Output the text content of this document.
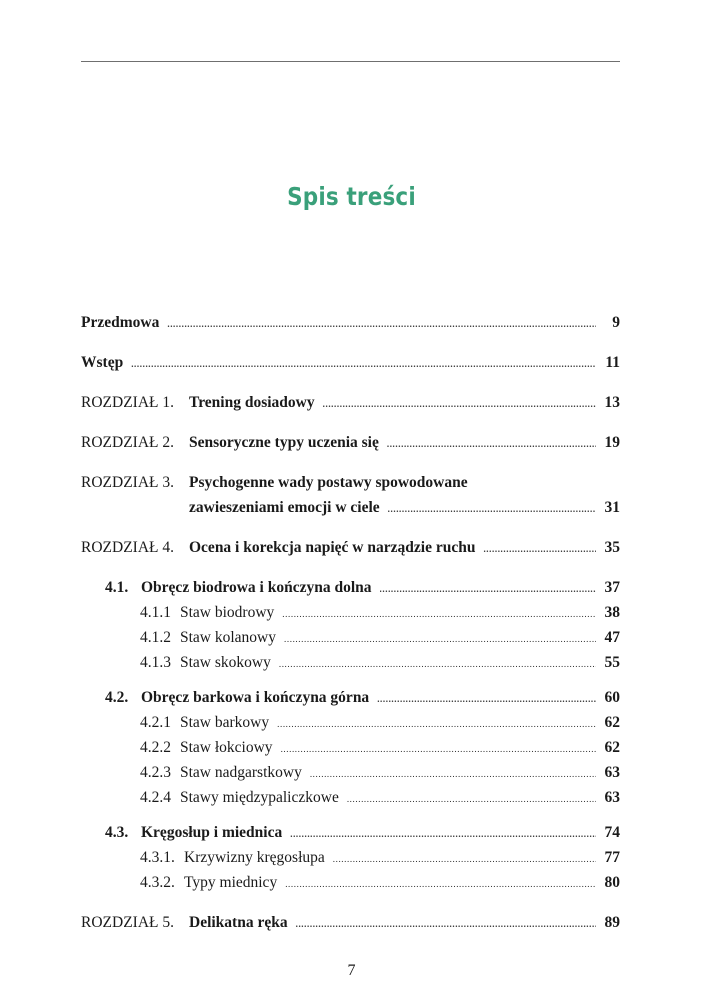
Spis treści
Przedmowa .....	9
Wstęp .....	11
ROZDZIAŁ 1. Trening dosiadowy .....	13
ROZDZIAŁ 2. Sensoryczne typy uczenia się .....	19
ROZDZIAŁ 3. Psychogenne wady postawy spowodowane
zawieszeniami emocji w ciele .....	31
ROZDZIAŁ 4. Ocena i korekcja napięć w narządzie ruchu .....	35
4.1. Obręcz biodrowa i kończyna dolna .....	37
4.1.1 Staw biodrowy .....	38
4.1.2 Staw kolanowy .....	47
4.1.3 Staw skokowy .....	55
4.2. Obręcz barkowa i kończyna górna .....	60
4.2.1 Staw barkowy .....	62
4.2.2 Staw łokciowy .....	62
4.2.3 Staw nadgarstkowy .....	63
4.2.4 Stawy międzypaliczkowe .....	63
4.3. Kręgosłup i miednica .....	74
4.3.1. Krzywizny kręgosłupa .....	77
4.3.2. Typy miednicy .....	80
ROZDZIAŁ 5. Delikatna ręka .....	89
7
